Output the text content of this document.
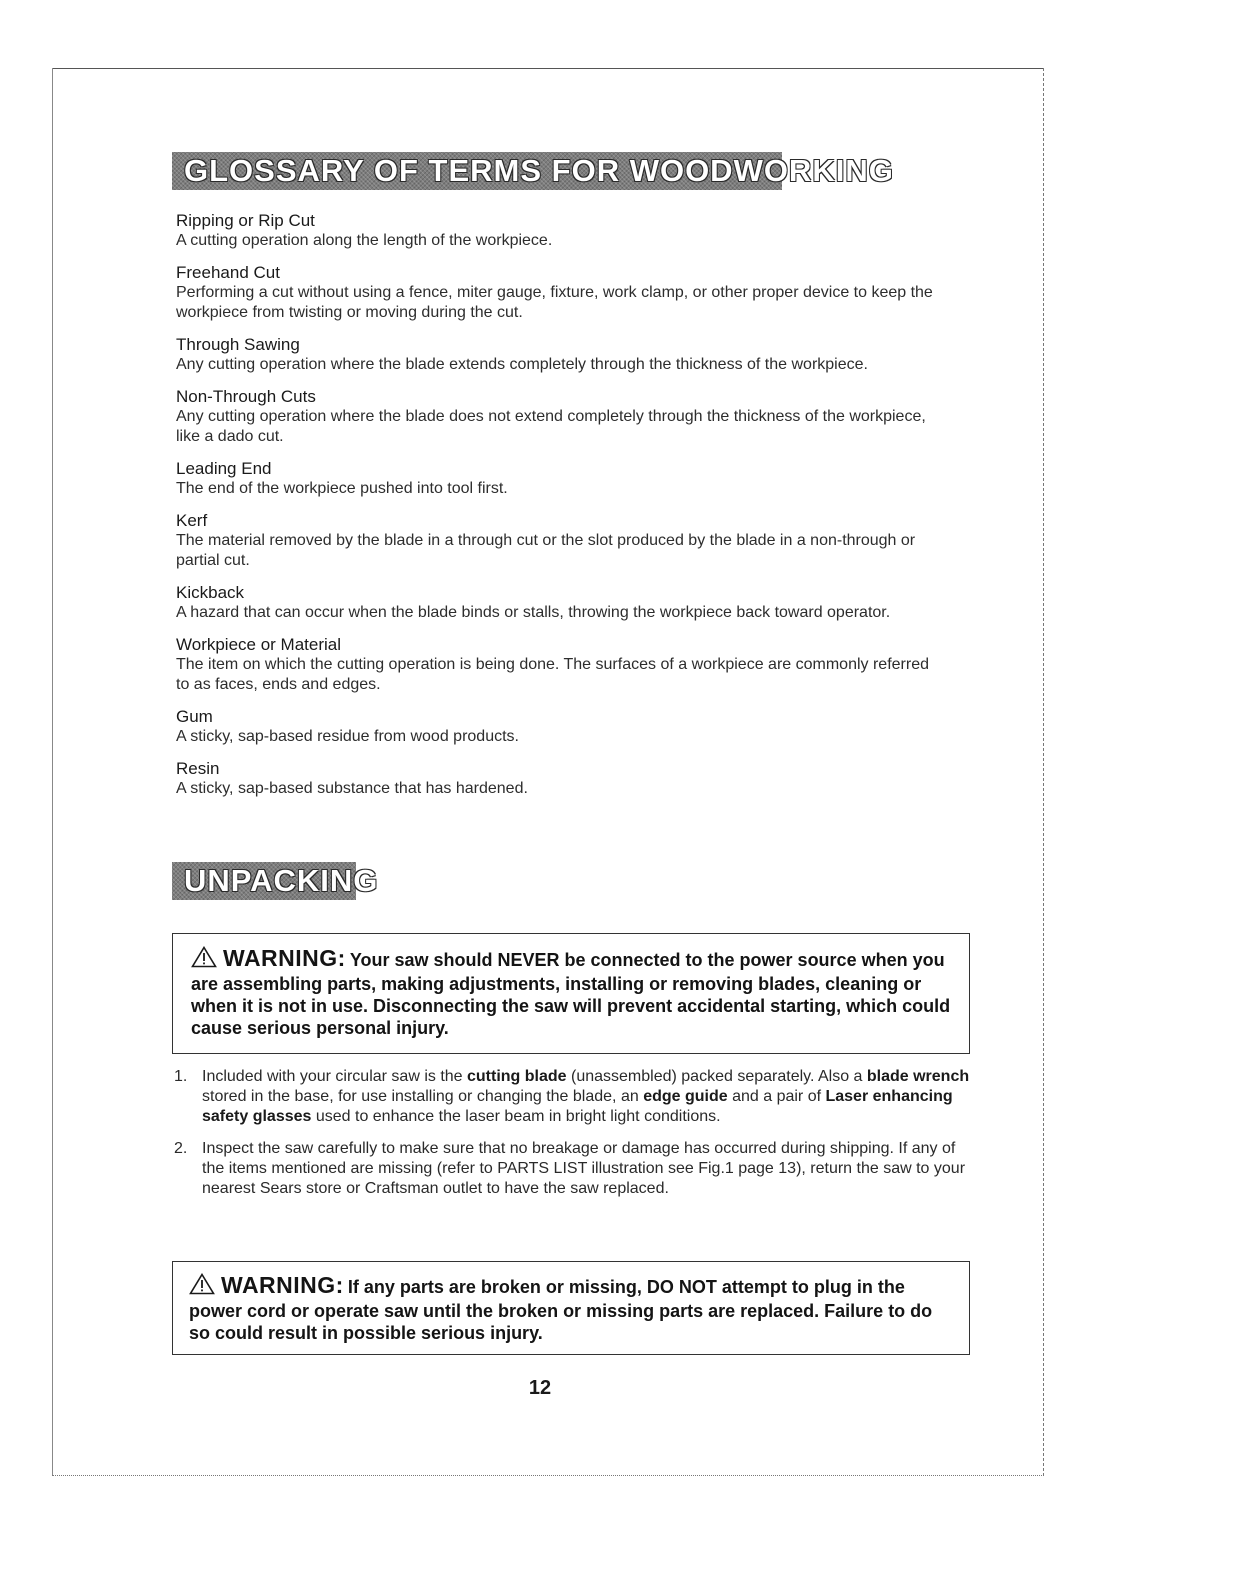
GLOSSARY OF TERMS FOR WOODWORKING
Ripping or Rip Cut
A cutting operation along the length of the workpiece.
Freehand Cut
Performing a cut without using a fence, miter gauge, fixture, work clamp, or other proper device to keep the workpiece from twisting or moving during the cut.
Through Sawing
Any cutting operation where the blade extends completely through the thickness of the workpiece.
Non-Through Cuts
Any cutting operation where the blade does not extend completely through the thickness of the workpiece, like a dado cut.
Leading End
The end of the workpiece pushed into tool first.
Kerf
The material removed by the blade in a through cut or the slot produced by the blade in a non-through or partial cut.
Kickback
A hazard that can occur when the blade binds or stalls, throwing the workpiece back toward operator.
Workpiece or Material
The item on which the cutting operation is being done. The surfaces of a workpiece are commonly referred to as faces, ends and edges.
Gum
A sticky, sap-based residue from wood products.
Resin
A sticky, sap-based substance that has hardened.
UNPACKING
WARNING: Your saw should NEVER be connected to the power source when you are assembling parts, making adjustments, installing or removing blades, cleaning or when it is not in use. Disconnecting the saw will prevent accidental starting, which could cause serious personal injury.
1. Included with your circular saw is the cutting blade (unassembled) packed separately. Also a blade wrench stored in the base, for use installing or changing the blade, an edge guide and a pair of Laser enhancing safety glasses used to enhance the laser beam in bright light conditions.
2. Inspect the saw carefully to make sure that no breakage or damage has occurred during shipping. If any of the items mentioned are missing (refer to PARTS LIST illustration see Fig.1 page 13), return the saw to your nearest Sears store or Craftsman outlet to have the saw replaced.
WARNING: If any parts are broken or missing, DO NOT attempt to plug in the power cord or operate saw until the broken or missing parts are replaced. Failure to do so could result in possible serious injury.
12
